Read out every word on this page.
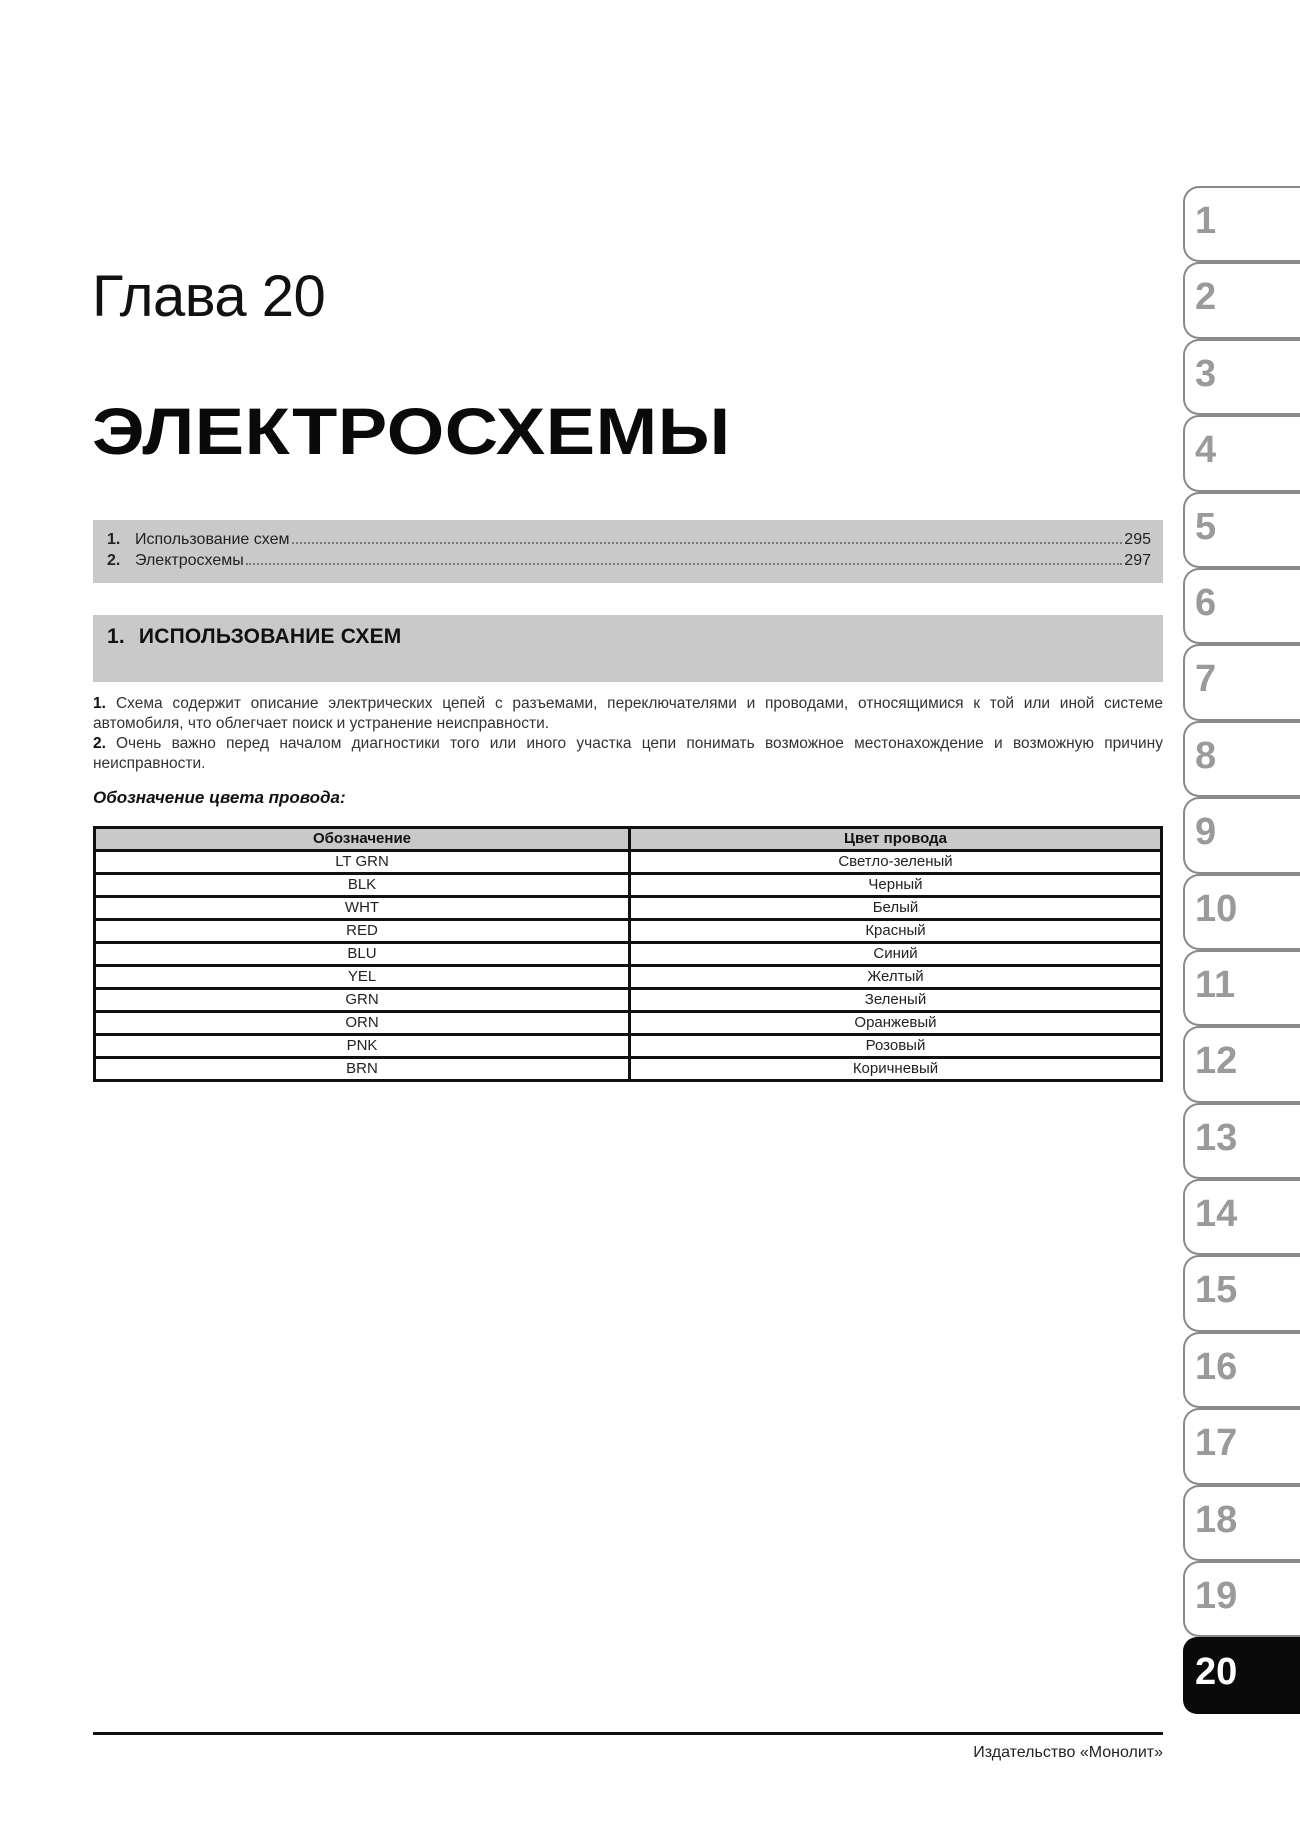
Глава 20
ЭЛЕКТРОСХЕМЫ
1. Использование схем	295
2. Электросхемы	297
1. ИСПОЛЬЗОВАНИЕ СХЕМ

1. Схема содержит описание электрических цепей с разъемами, переключателями и проводами, относящимися к той или иной системе автомобиля, что облегчает поиск и устранение неисправности.

2. Очень важно перед началом диагностики того или иного участка цепи понимать возможное местонахождение и возможную причину неисправности.

Обозначение цвета провода:
Обозначение	Цвет провода
LT GRN	Светло-зеленый
BLK	Черный
WHT	Белый
RED	Красный
BLU	Синий
YEL	Желтый
GRN	Зеленый
ORN	Оранжевый
PNK	Розовый
BRN	Коричневый
1
2
3
4
5
6
7
8
9
10
11
12
13
14
15
16
17
18
19
20
Издательство «Монолит»
